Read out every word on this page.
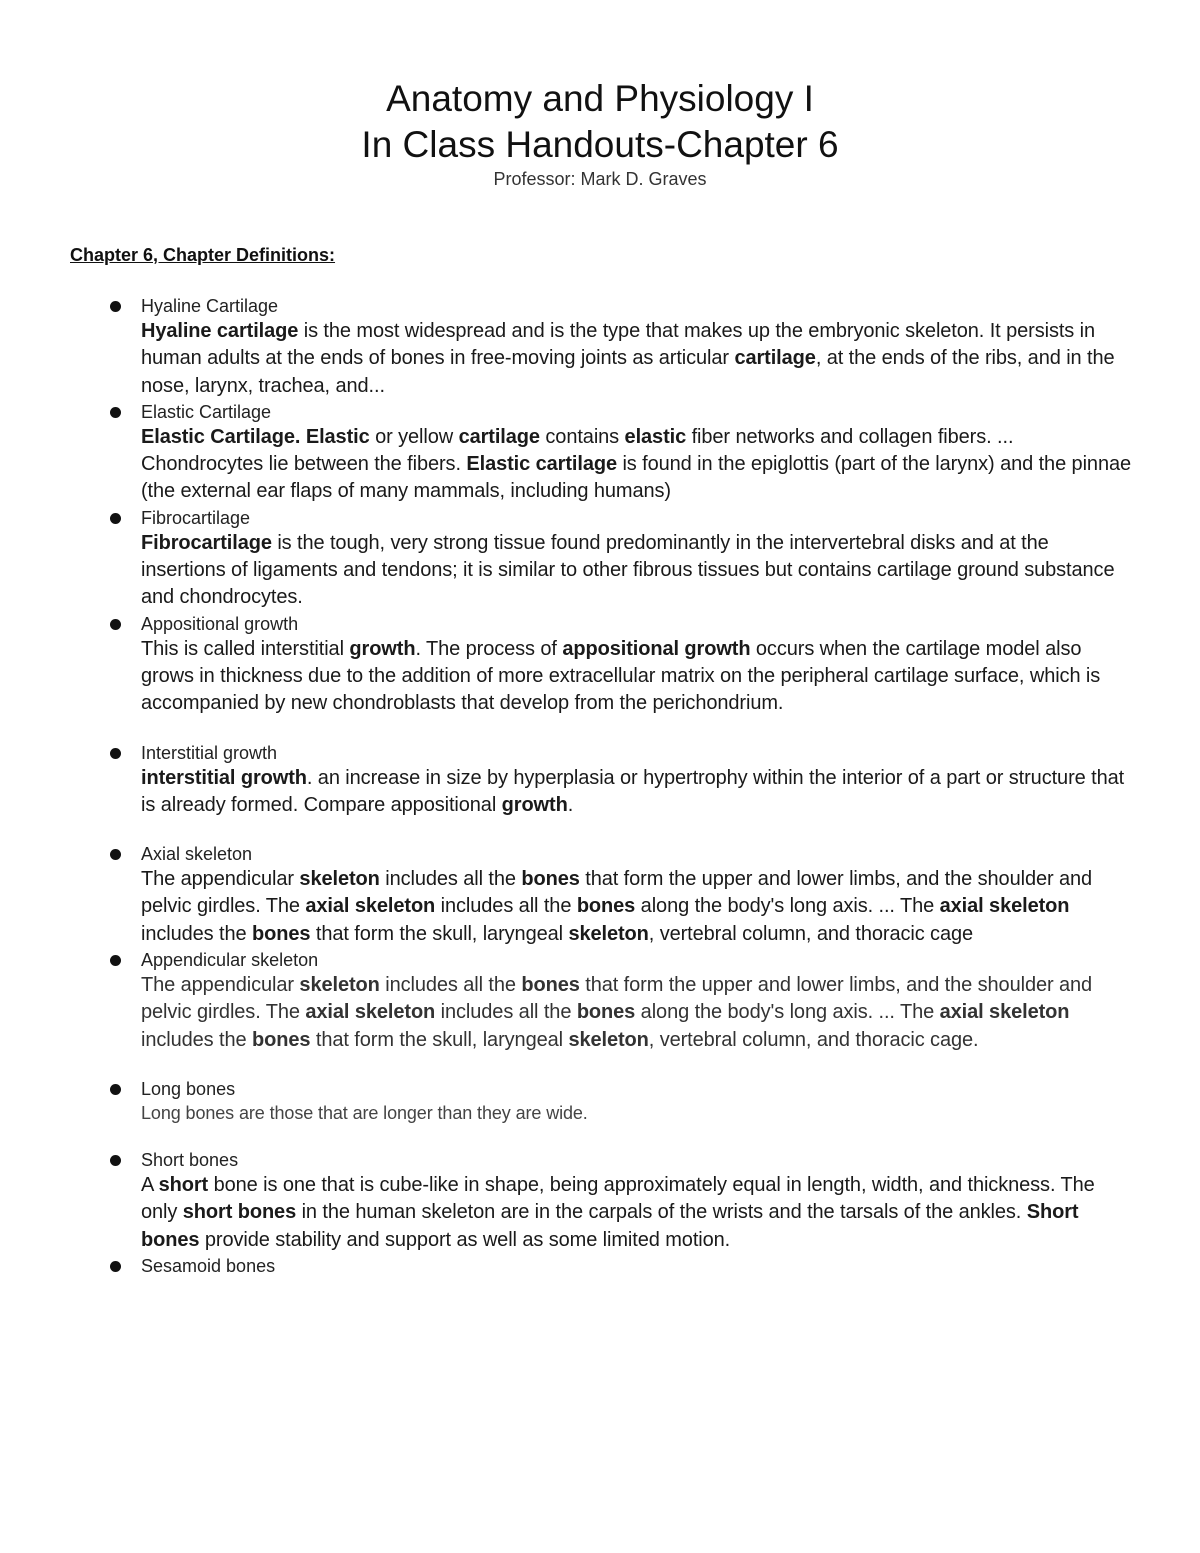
Anatomy and Physiology I
In Class Handouts-Chapter 6
Professor: Mark D. Graves
Chapter 6, Chapter Definitions:
Hyaline Cartilage
Hyaline cartilage is the most widespread and is the type that makes up the embryonic skeleton. It persists in human adults at the ends of bones in free-moving joints as articular cartilage, at the ends of the ribs, and in the nose, larynx, trachea, and...
Elastic Cartilage
Elastic Cartilage. Elastic or yellow cartilage contains elastic fiber networks and collagen fibers. ... Chondrocytes lie between the fibers. Elastic cartilage is found in the epiglottis (part of the larynx) and the pinnae (the external ear flaps of many mammals, including humans)
Fibrocartilage
Fibrocartilage is the tough, very strong tissue found predominantly in the intervertebral disks and at the insertions of ligaments and tendons; it is similar to other fibrous tissues but contains cartilage ground substance and chondrocytes.
Appositional growth
This is called interstitial growth. The process of appositional growth occurs when the cartilage model also grows in thickness due to the addition of more extracellular matrix on the peripheral cartilage surface, which is accompanied by new chondroblasts that develop from the perichondrium.
Interstitial growth
interstitial growth. an increase in size by hyperplasia or hypertrophy within the interior of a part or structure that is already formed. Compare appositional growth.
Axial skeleton
The appendicular skeleton includes all the bones that form the upper and lower limbs, and the shoulder and pelvic girdles. The axial skeleton includes all the bones along the body's long axis. ... The axial skeleton includes the bones that form the skull, laryngeal skeleton, vertebral column, and thoracic cage
Appendicular skeleton
The appendicular skeleton includes all the bones that form the upper and lower limbs, and the shoulder and pelvic girdles. The axial skeleton includes all the bones along the body's long axis. ... The axial skeleton includes the bones that form the skull, laryngeal skeleton, vertebral column, and thoracic cage.
Long bones
Long bones are those that are longer than they are wide.
Short bones
A short bone is one that is cube-like in shape, being approximately equal in length, width, and thickness. The only short bones in the human skeleton are in the carpals of the wrists and the tarsals of the ankles. Short bones provide stability and support as well as some limited motion.
Sesamoid bones
